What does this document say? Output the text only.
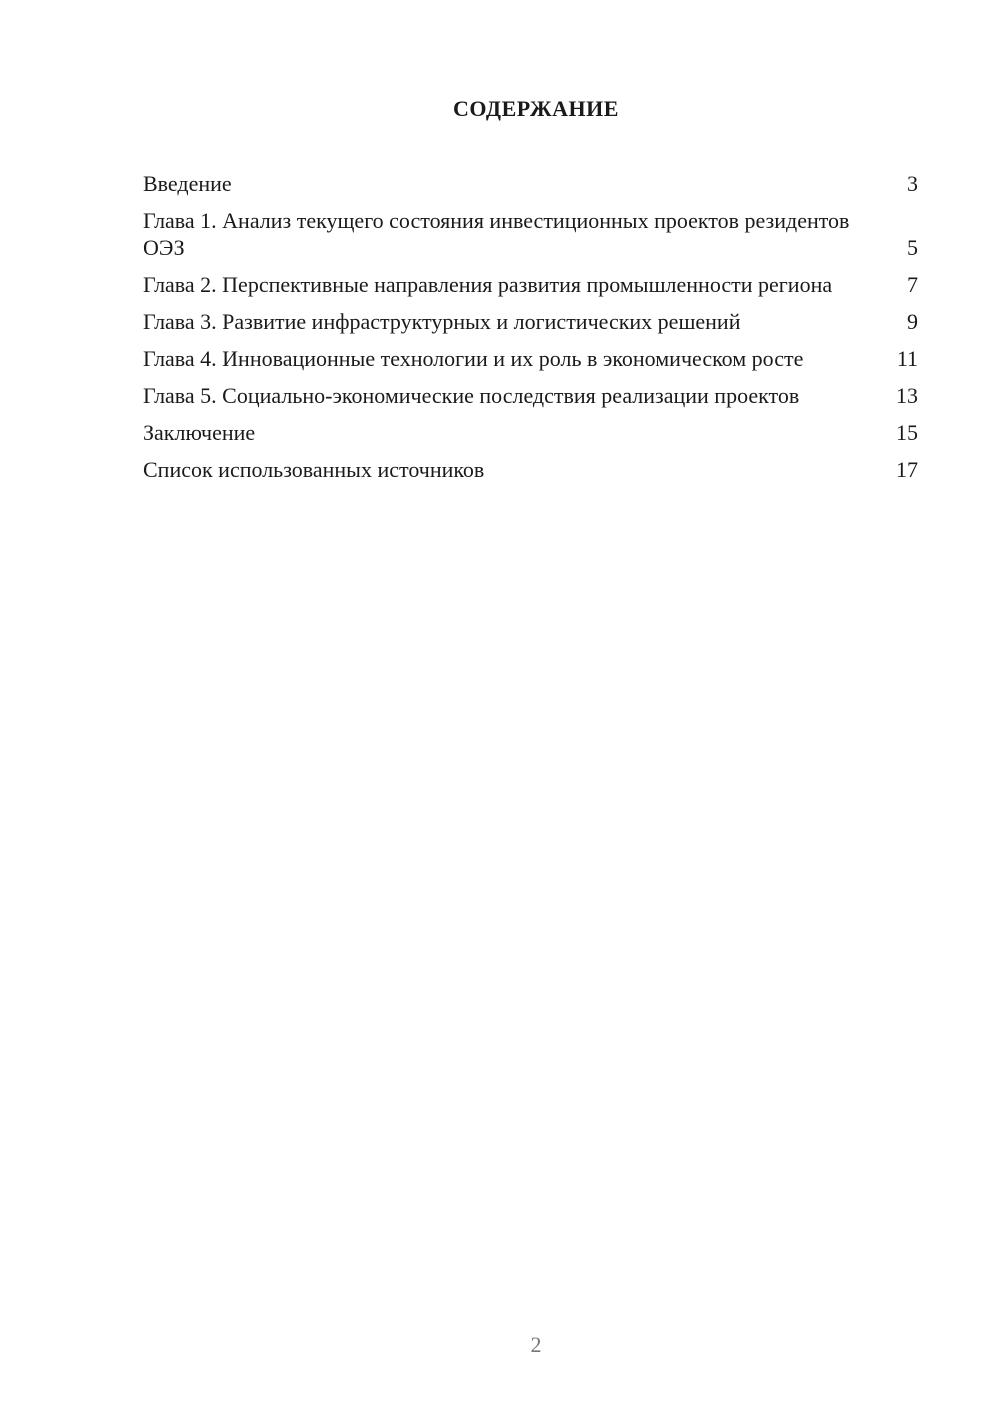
СОДЕРЖАНИЕ
Введение	3
Глава 1. Анализ текущего состояния инвестиционных проектов резидентов ОЭЗ	5
Глава 2. Перспективные направления развития промышленности региона	7
Глава 3. Развитие инфраструктурных и логистических решений	9
Глава 4. Инновационные технологии и их роль в экономическом росте	11
Глава 5. Социально-экономические последствия реализации проектов	13
Заключение	15
Список использованных источников	17
2
